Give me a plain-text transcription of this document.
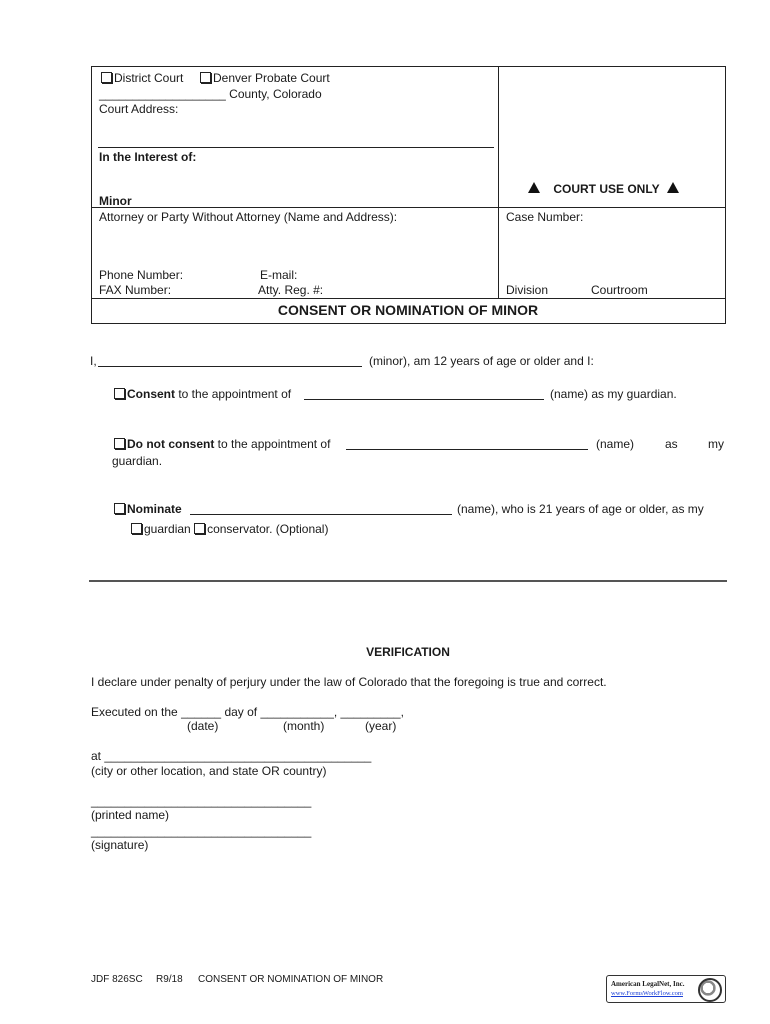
District Court	Denver Probate Court
___________________ County, Colorado
Court Address:
In the Interest of:
Minor
COURT USE ONLY
Attorney or Party Without Attorney (Name and Address):	Case Number:
Phone Number:	E-mail:
FAX Number:	Atty. Reg. #:	Division	Courtroom
CONSENT OR NOMINATION OF MINOR
I,	(minor), am 12 years of age or older and I:
Consent to the appointment of	(name) as my guardian.
Do not consent to the appointment of	(name)	as	my
guardian.
Nominate	(name), who is 21 years of age or older, as my
guardian conservator. (Optional)
VERIFICATION
I declare under penalty of perjury under the law of Colorado that the foregoing is true and correct.
Executed on the ______ day of ___________, _________,
(date)	(month)	(year)
at ________________________________________
(city or other location, and state OR country)
_________________________________
(printed name)
_________________________________
(signature)
JDF 826SC R9/18 CONSENT OR NOMINATION OF MINOR	American LegalNet, Inc.
www.FormsWorkFlow.com
